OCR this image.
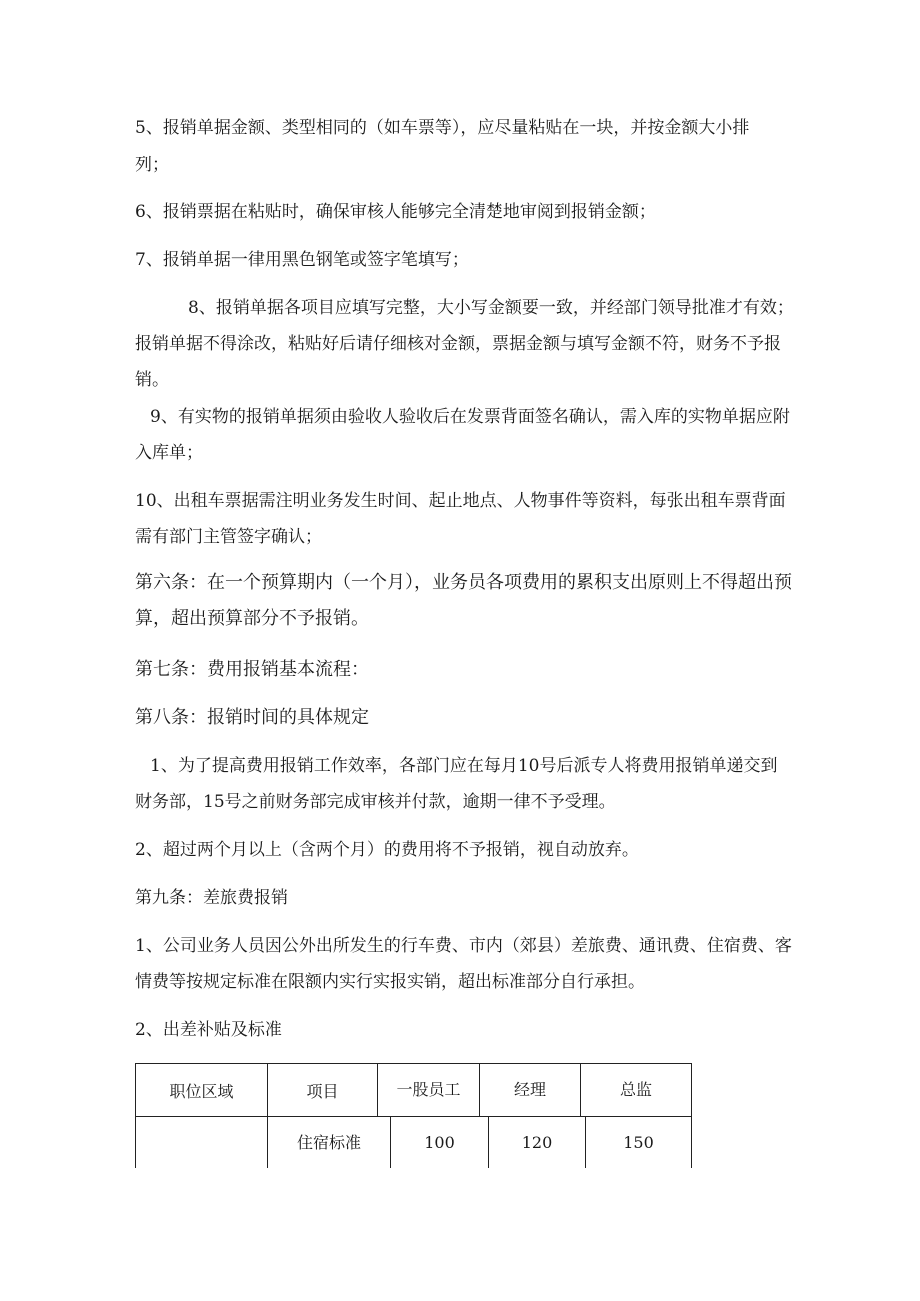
5、报销单据金额、类型相同的（如车票等），应尽量粘贴在一块，并按金额大小排

列；

6、报销票据在粘贴时，确保审核人能够完全清楚地审阅到报销金额；

7、报销单据一律用黑色钢笔或签字笔填写；

8、报销单据各项目应填写完整，大小写金额要一致，并经部门领导批准才有效；

报销单据不得涂改，粘贴好后请仔细核对金额，票据金额与填写金额不符，财务不予报

销。

9、有实物的报销单据须由验收人验收后在发票背面签名确认，需入库的实物单据应附

入库单；

10、出租车票据需注明业务发生时间、起止地点、人物事件等资料，每张出租车票背面

需有部门主管签字确认；

第六条：在一个预算期内（一个月），业务员各项费用的累积支出原则上不得超出预

算，超出预算部分不予报销。

第七条：费用报销基本流程：

第八条：报销时间的具体规定

1、为了提高费用报销工作效率，各部门应在每月10号后派专人将费用报销单递交到

财务部，15号之前财务部完成审核并付款，逾期一律不予受理。

2、超过两个月以上（含两个月）的费用将不予报销，视自动放弃。

第九条：差旅费报销

1、公司业务人员因公外出所发生的行车费、市内（郊县）差旅费、通讯费、住宿费、客

情费等按规定标准在限额内实行实报实销，超出标准部分自行承担。

2、出差补贴及标准

职位区域	项目	一股员工 经理 总监

	住宿标准 100 120 150	
